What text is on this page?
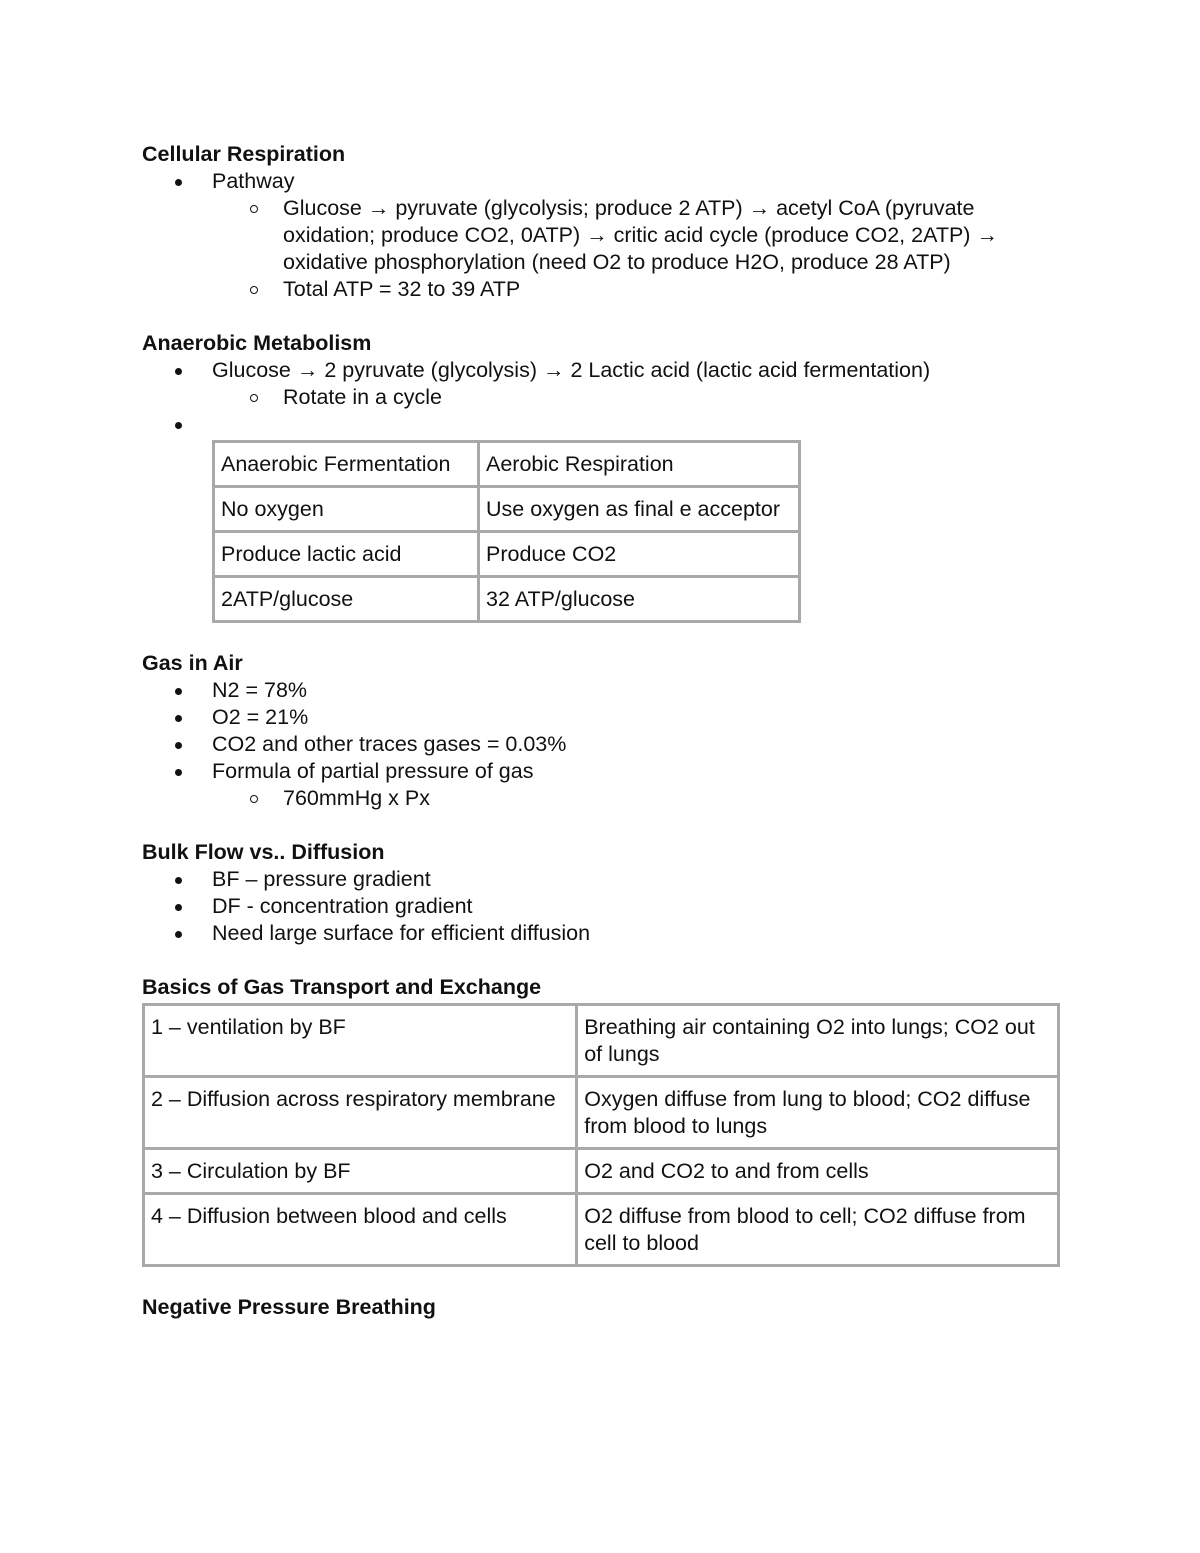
Cellular Respiration
Pathway
Glucose → pyruvate (glycolysis; produce 2 ATP) → acetyl CoA (pyruvate oxidation; produce CO2, 0ATP) → critic acid cycle (produce CO2, 2ATP) → oxidative phosphorylation (need O2 to produce H2O, produce 28 ATP)
Total ATP = 32 to 39 ATP
Anaerobic Metabolism
Glucose → 2 pyruvate (glycolysis) → 2 Lactic acid (lactic acid fermentation)
Rotate in a cycle

Anaerobic Fermentation	Aerobic Respiration
No oxygen	Use oxygen as final e acceptor
Produce lactic acid	Produce CO2
2ATP/glucose	32 ATP/glucose
Gas in Air
N2 = 78%
O2 = 21%
CO2 and other traces gases = 0.03%
Formula of partial pressure of gas
760mmHg x Px
Bulk Flow vs.. Diffusion
BF – pressure gradient
DF - concentration gradient
Need large surface for efficient diffusion
Basics of Gas Transport and Exchange
1 – ventilation by BF	Breathing air containing O2 into lungs; CO2 out of lungs
2 – Diffusion across respiratory membrane	Oxygen diffuse from lung to blood; CO2 diffuse from blood to lungs
3 – Circulation by BF	O2 and CO2 to and from cells
4 – Diffusion between blood and cells	O2 diffuse from blood to cell; CO2 diffuse from cell to blood
Negative Pressure Breathing
